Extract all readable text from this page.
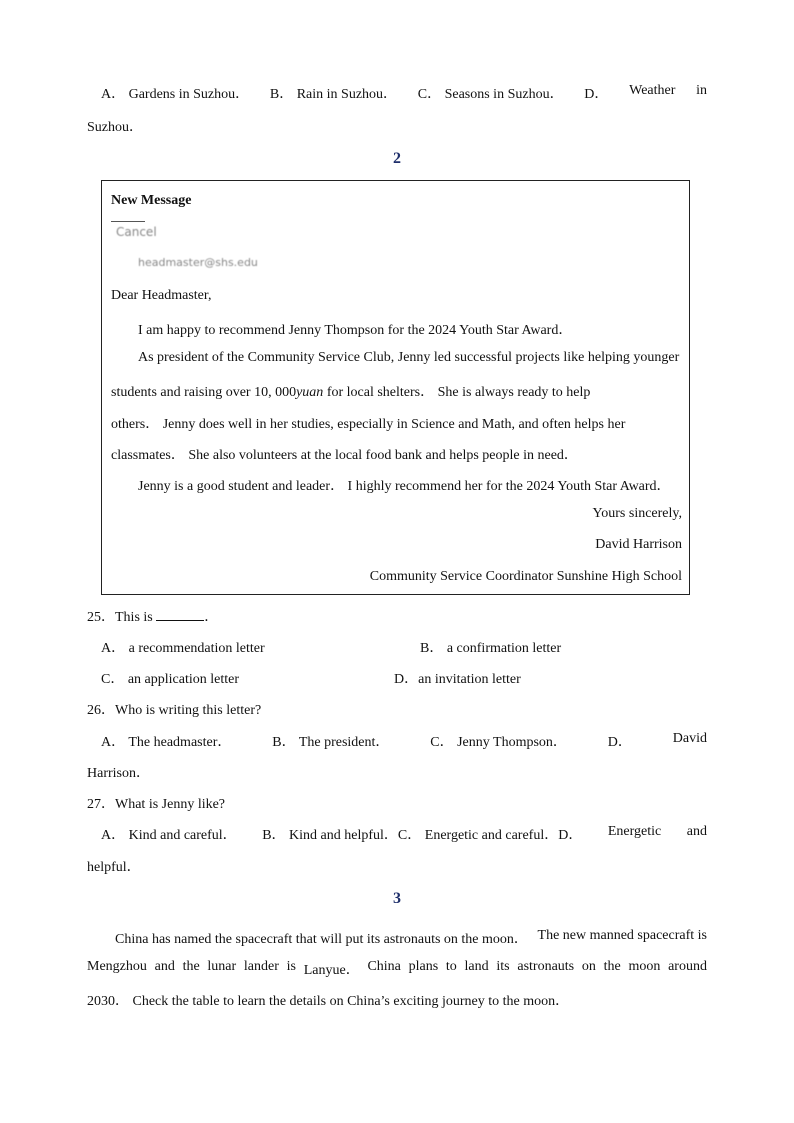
A． Gardens in Suzhou． B． Rain in Suzhou． C． Seasons in Suzhou． D． Weather in
Suzhou．
2
New Message
Cancel
headmaster@shs.edu
Dear Headmaster,
I am happy to recommend Jenny Thompson for the 2024 Youth Star Award．
As president of the Community Service Club, Jenny led successful projects like helping younger
students and raising over 10, 000yuan for local shelters． She is always ready to help
others． Jenny does well in her studies, especially in Science and Math, and often helps her
classmates． She also volunteers at the local food bank and helps people in need．
Jenny is a good student and leader． I highly recommend her for the 2024 Youth Star Award．
Yours sincerely,
David Harrison
Community Service Coordinator Sunshine High School
25．This is	．
A． a recommendation letter	B． a confirmation letter
C． an application letter	D．an invitation letter
26．Who is writing this letter?
A． The headmaster．	B． The president．	C． Jenny Thompson．	D．	David
Harrison．
27．What is Jenny like?
A． Kind and careful． B． Kind and helpful．C． Energetic and careful．D． Energetic and
helpful．
3
China has named the spacecraft that will put its astronauts on the moon． The new manned spacecraft is
Mengzhou and the lunar lander is Lanyue． China plans to land its astronauts on the moon around
2030． Check the table to learn the details on China’s exciting journey to the moon．
